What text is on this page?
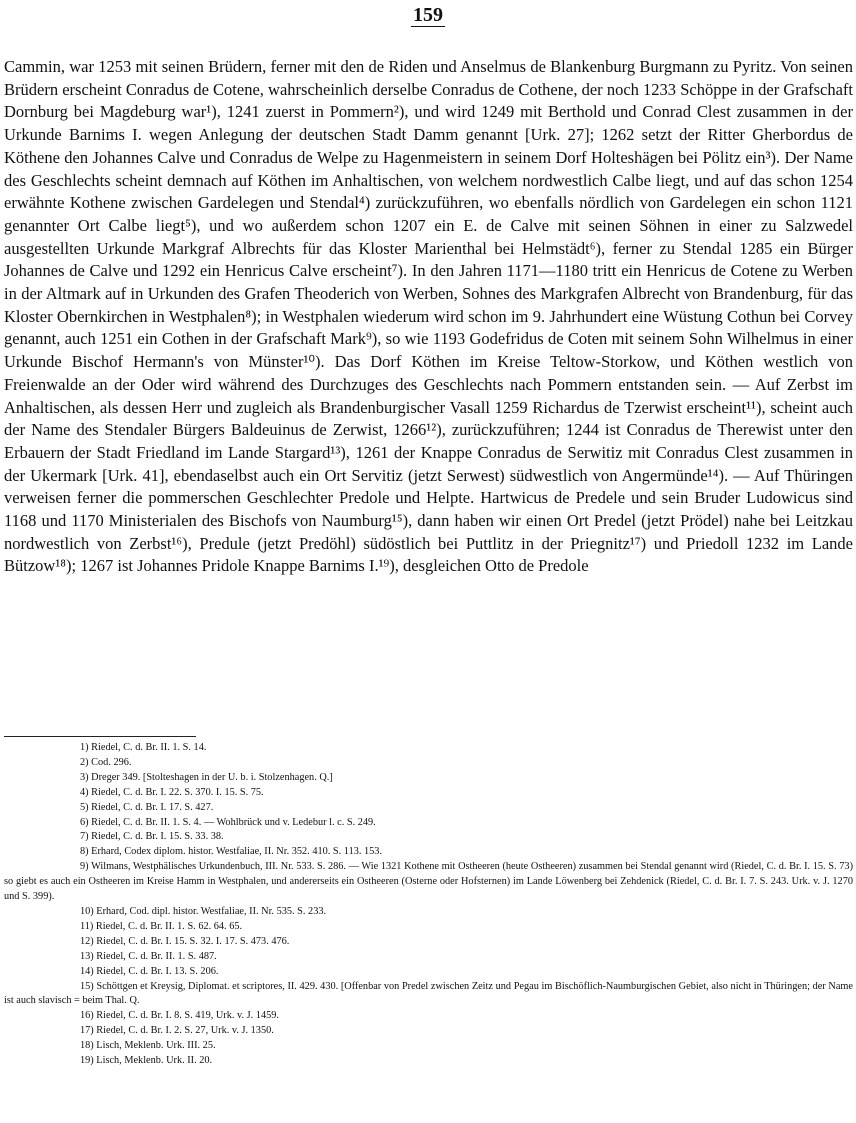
159

Cammin, war 1253 mit seinen Brüdern, ferner mit den de Riden und Anselmus de Blankenburg Burgmann zu Pyritz. Von seinen Brüdern erscheint Conradus de Cotene, wahrscheinlich derselbe Conradus de Cothene, der noch 1233 Schöppe in der Grafschaft Dornburg bei Magdeburg war¹), 1241 zuerst in Pommern²), und wird 1249 mit Berthold und Conrad Clest zusammen in der Urkunde Barnims I. wegen Anlegung der deutschen Stadt Damm genannt [Urk. 27]; 1262 setzt der Ritter Gherbordus de Köthene den Johannes Calve und Conradus de Welpe zu Hagenmeistern in seinem Dorf Holteshägen bei Pölitz ein³). Der Name des Geschlechts scheint demnach auf Köthen im Anhaltischen, von welchem nordwestlich Calbe liegt, und auf das schon 1254 erwähnte Kothene zwischen Gardelegen und Stendal⁴) zurückzuführen, wo ebenfalls nördlich von Gardelegen ein schon 1121 genannter Ort Calbe liegt⁵), und wo außerdem schon 1207 ein E. de Calve mit seinen Söhnen in einer zu Salzwedel ausgestellten Urkunde Markgraf Albrechts für das Kloster Marienthal bei Helmstädt⁶), ferner zu Stendal 1285 ein Bürger Johannes de Calve und 1292 ein Henricus Calve erscheint⁷). In den Jahren 1171—1180 tritt ein Henricus de Cotene zu Werben in der Altmark auf in Urkunden des Grafen Theoderich von Werben, Sohnes des Markgrafen Albrecht von Brandenburg, für das Kloster Obernkirchen in Westphalen⁸); in Westphalen wiederum wird schon im 9. Jahrhundert eine Wüstung Cothun bei Corvey genannt, auch 1251 ein Cothen in der Grafschaft Mark⁹), so wie 1193 Godefridus de Coten mit seinem Sohn Wilhelmus in einer Urkunde Bischof Hermann's von Münster¹⁰). Das Dorf Köthen im Kreise Teltow-Storkow, und Köthen westlich von Freienwalde an der Oder wird während des Durchzuges des Geschlechts nach Pommern entstanden sein. — Auf Zerbst im Anhaltischen, als dessen Herr und zugleich als Brandenburgischer Vasall 1259 Richardus de Tzerwist erscheint¹¹), scheint auch der Name des Stendaler Bürgers Baldeuinus de Zerwist, 1266¹²), zurückzuführen; 1244 ist Conradus de Therewist unter den Erbauern der Stadt Friedland im Lande Stargard¹³), 1261 der Knappe Conradus de Serwitiz mit Conradus Clest zusammen in der Ukermark [Urk. 41], ebendaselbst auch ein Ort Servitiz (jetzt Serwest) südwestlich von Angermünde¹⁴). — Auf Thüringen verweisen ferner die pommerschen Geschlechter Predole und Helpte. Hartwicus de Predele und sein Bruder Ludowicus sind 1168 und 1170 Ministerialen des Bischofs von Naumburg¹⁵), dann haben wir einen Ort Predel (jetzt Prödel) nahe bei Leitzkau nordwestlich von Zerbst¹⁶), Predule (jetzt Predöhl) südöstlich bei Puttlitz in der Priegnitz¹⁷) und Priedoll 1232 im Lande Bützow¹⁸); 1267 ist Johannes Pridole Knappe Barnims I.¹⁹), desgleichen Otto de Predole

1) Riedel, C. d. Br. II. 1. S. 14.
2) Cod. 296.
3) Dreger 349. [Stolteshagen in der U. b. i. Stolzenhagen. Q.]
4) Riedel, C. d. Br. I. 22. S. 370. I. 15. S. 75.
5) Riedel, C. d. Br. I. 17. S. 427.
6) Riedel, C. d. Br. II. 1. S. 4. — Wohlbrück und v. Ledebur l. c. S. 249.
7) Riedel, C. d. Br. I. 15. S. 33. 38.
8) Erhard, Codex diplom. histor. Westfaliae, II. Nr. 352. 410. S. 113. 153.
9) Wilmans, Westphälisches Urkundenbuch, III. Nr. 533. S. 286. — Wie 1321 Kothene mit Ostheeren (heute Ostheeren) zusammen bei Stendal genannt wird (Riedel, C. d. Br. I. 15. S. 73) so giebt es auch ein Ostheeren im Kreise Hamm in Westphalen, und andererseits ein Ostheeren (Osterne oder Hofsternen) im Lande Löwenberg bei Zehdenick (Riedel, C. d. Br. I. 7. S. 243. Urk. v. J. 1270 und S. 399).
10) Erhard, Cod. dipl. histor. Westfaliae, II. Nr. 535. S. 233.
11) Riedel, C. d. Br. II. 1. S. 62. 64. 65.
12) Riedel, C. d. Br. I. 15. S. 32. I. 17. S. 473. 476.
13) Riedel, C. d. Br. II. 1. S. 487.
14) Riedel, C. d. Br. I. 13. S. 206.
15) Schöttgen et Kreysig, Diplomat. et scriptores, II. 429. 430. [Offenbar von Predel zwischen Zeitz und Pegau im Bischöflich-Naumburgischen Gebiet, also nicht in Thüringen; der Name ist auch slavisch = beim Thal. Q.
16) Riedel, C. d. Br. I. 8. S. 419, Urk. v. J. 1459.
17) Riedel, C. d. Br. I. 2. S. 27, Urk. v. J. 1350.
18) Lisch, Meklenb. Urk. III. 25.
19) Lisch, Meklenb. Urk. II. 20.
